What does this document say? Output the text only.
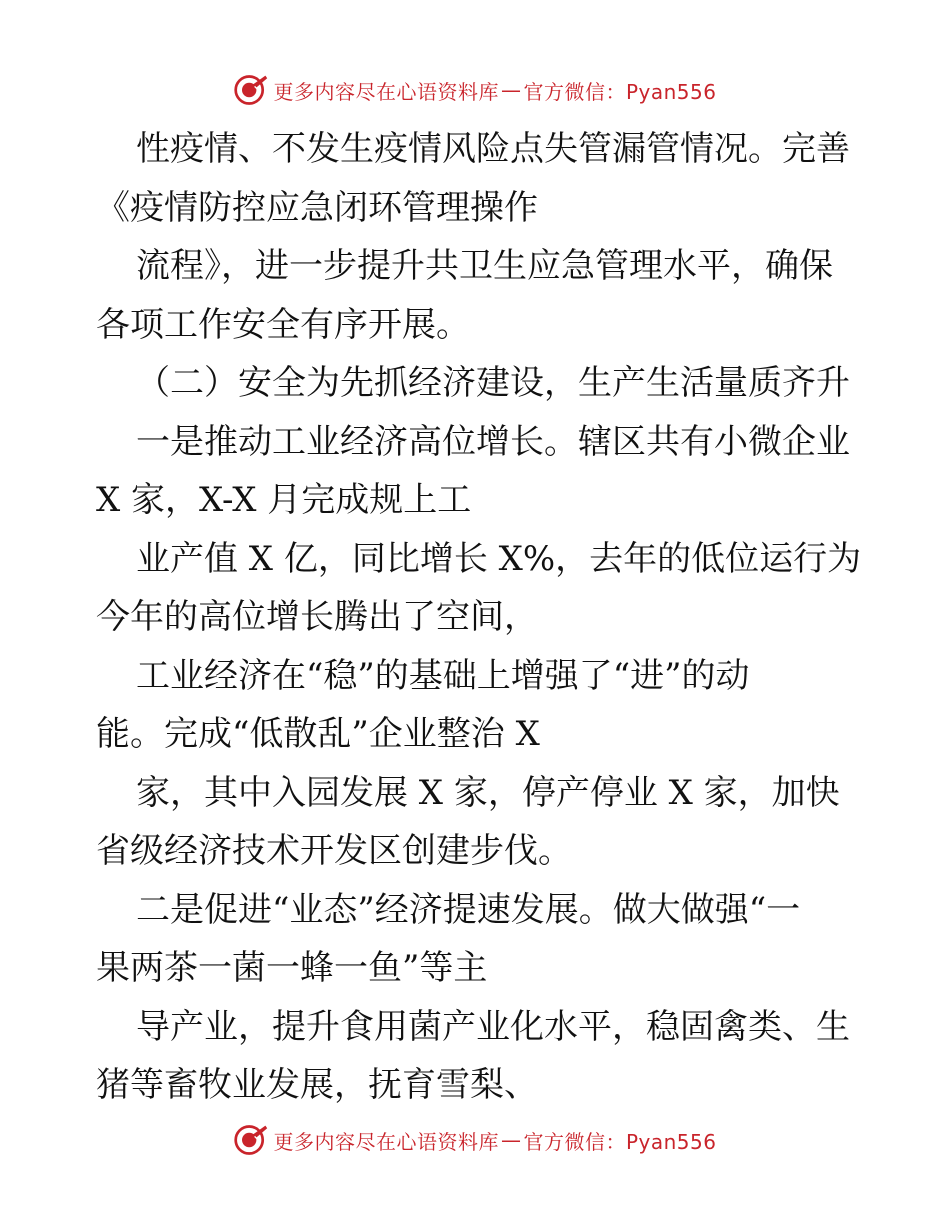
更多内容尽在心语资料库 — 官方微信：Pyan556
性疫情、不发生疫情风险点失管漏管情况。完善
《疫情防控应急闭环管理操作
流程》，进一步提升共卫生应急管理水平，确保
各项工作安全有序开展。
（二）安全为先抓经济建设，生产生活量质齐升
一是推动工业经济高位增长。辖区共有小微企业
X 家，X-X 月完成规上工
业产值 X 亿，同比增长 X%，去年的低位运行为
今年的高位增长腾出了空间，
工业经济在“稳”的基础上增强了“进”的动
能。完成“低散乱”企业整治 X
家，其中入园发展 X 家，停产停业 X 家，加快
省级经济技术开发区创建步伐。
二是促进“业态”经济提速发展。做大做强“一
果两茶一菌一蜂一鱼”等主
导产业，提升食用菌产业化水平，稳固禽类、生
猪等畜牧业发展，抚育雪梨、
更多内容尽在心语资料库 — 官方微信：Pyan556
